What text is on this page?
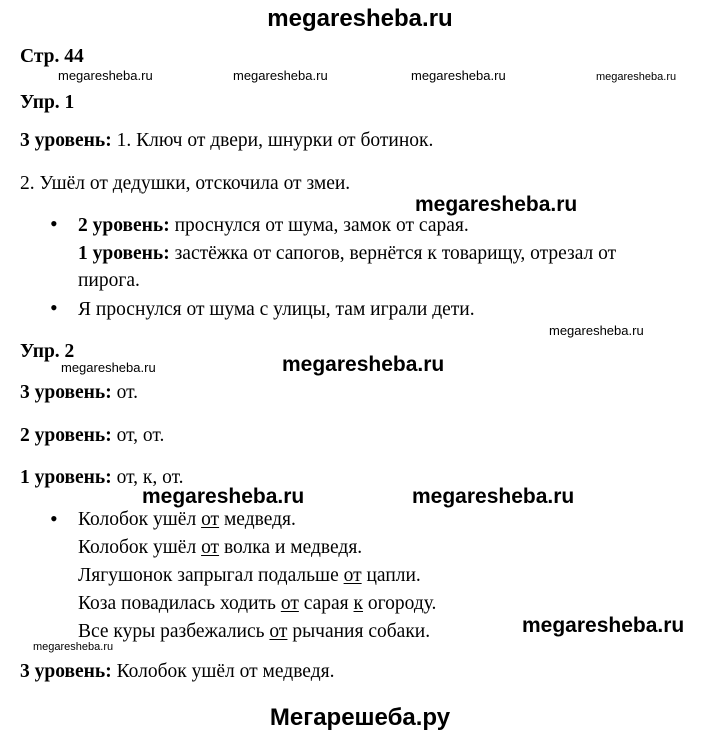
megaresheba.ru
Стр. 44
megaresheba.ru	megaresheba.ru	megaresheba.ru	megaresheba.ru
Упр. 1
3 уровень: 1. Ключ от двери, шнурки от ботинок.
2. Ушёл от дедушки, отскочила от змеи.
megaresheba.ru
• 2 уровень: проснулся от шума, замок от сарая.
1 уровень: застёжка от сапогов, вернётся к товарищу, отрезал от
пирога.
• Я проснулся от шума с улицы, там играли дети.
megaresheba.ru
Упр. 2
megaresheba.ru	megaresheba.ru
3 уровень: от.
2 уровень: от, от.
1 уровень: от, к, от.
megaresheba.ru	megaresheba.ru
• Колобок ушёл от медведя.
Колобок ушёл от волка и медведя.
Лягушонок запрыгал подальше от цапли.
Коза повадилась ходить от сарая к огороду.
Все куры разбежались от рычания собаки.	megaresheba.ru
megaresheba.ru
3 уровень: Колобок ушёл от медведя.
Мегарешеба.ру
